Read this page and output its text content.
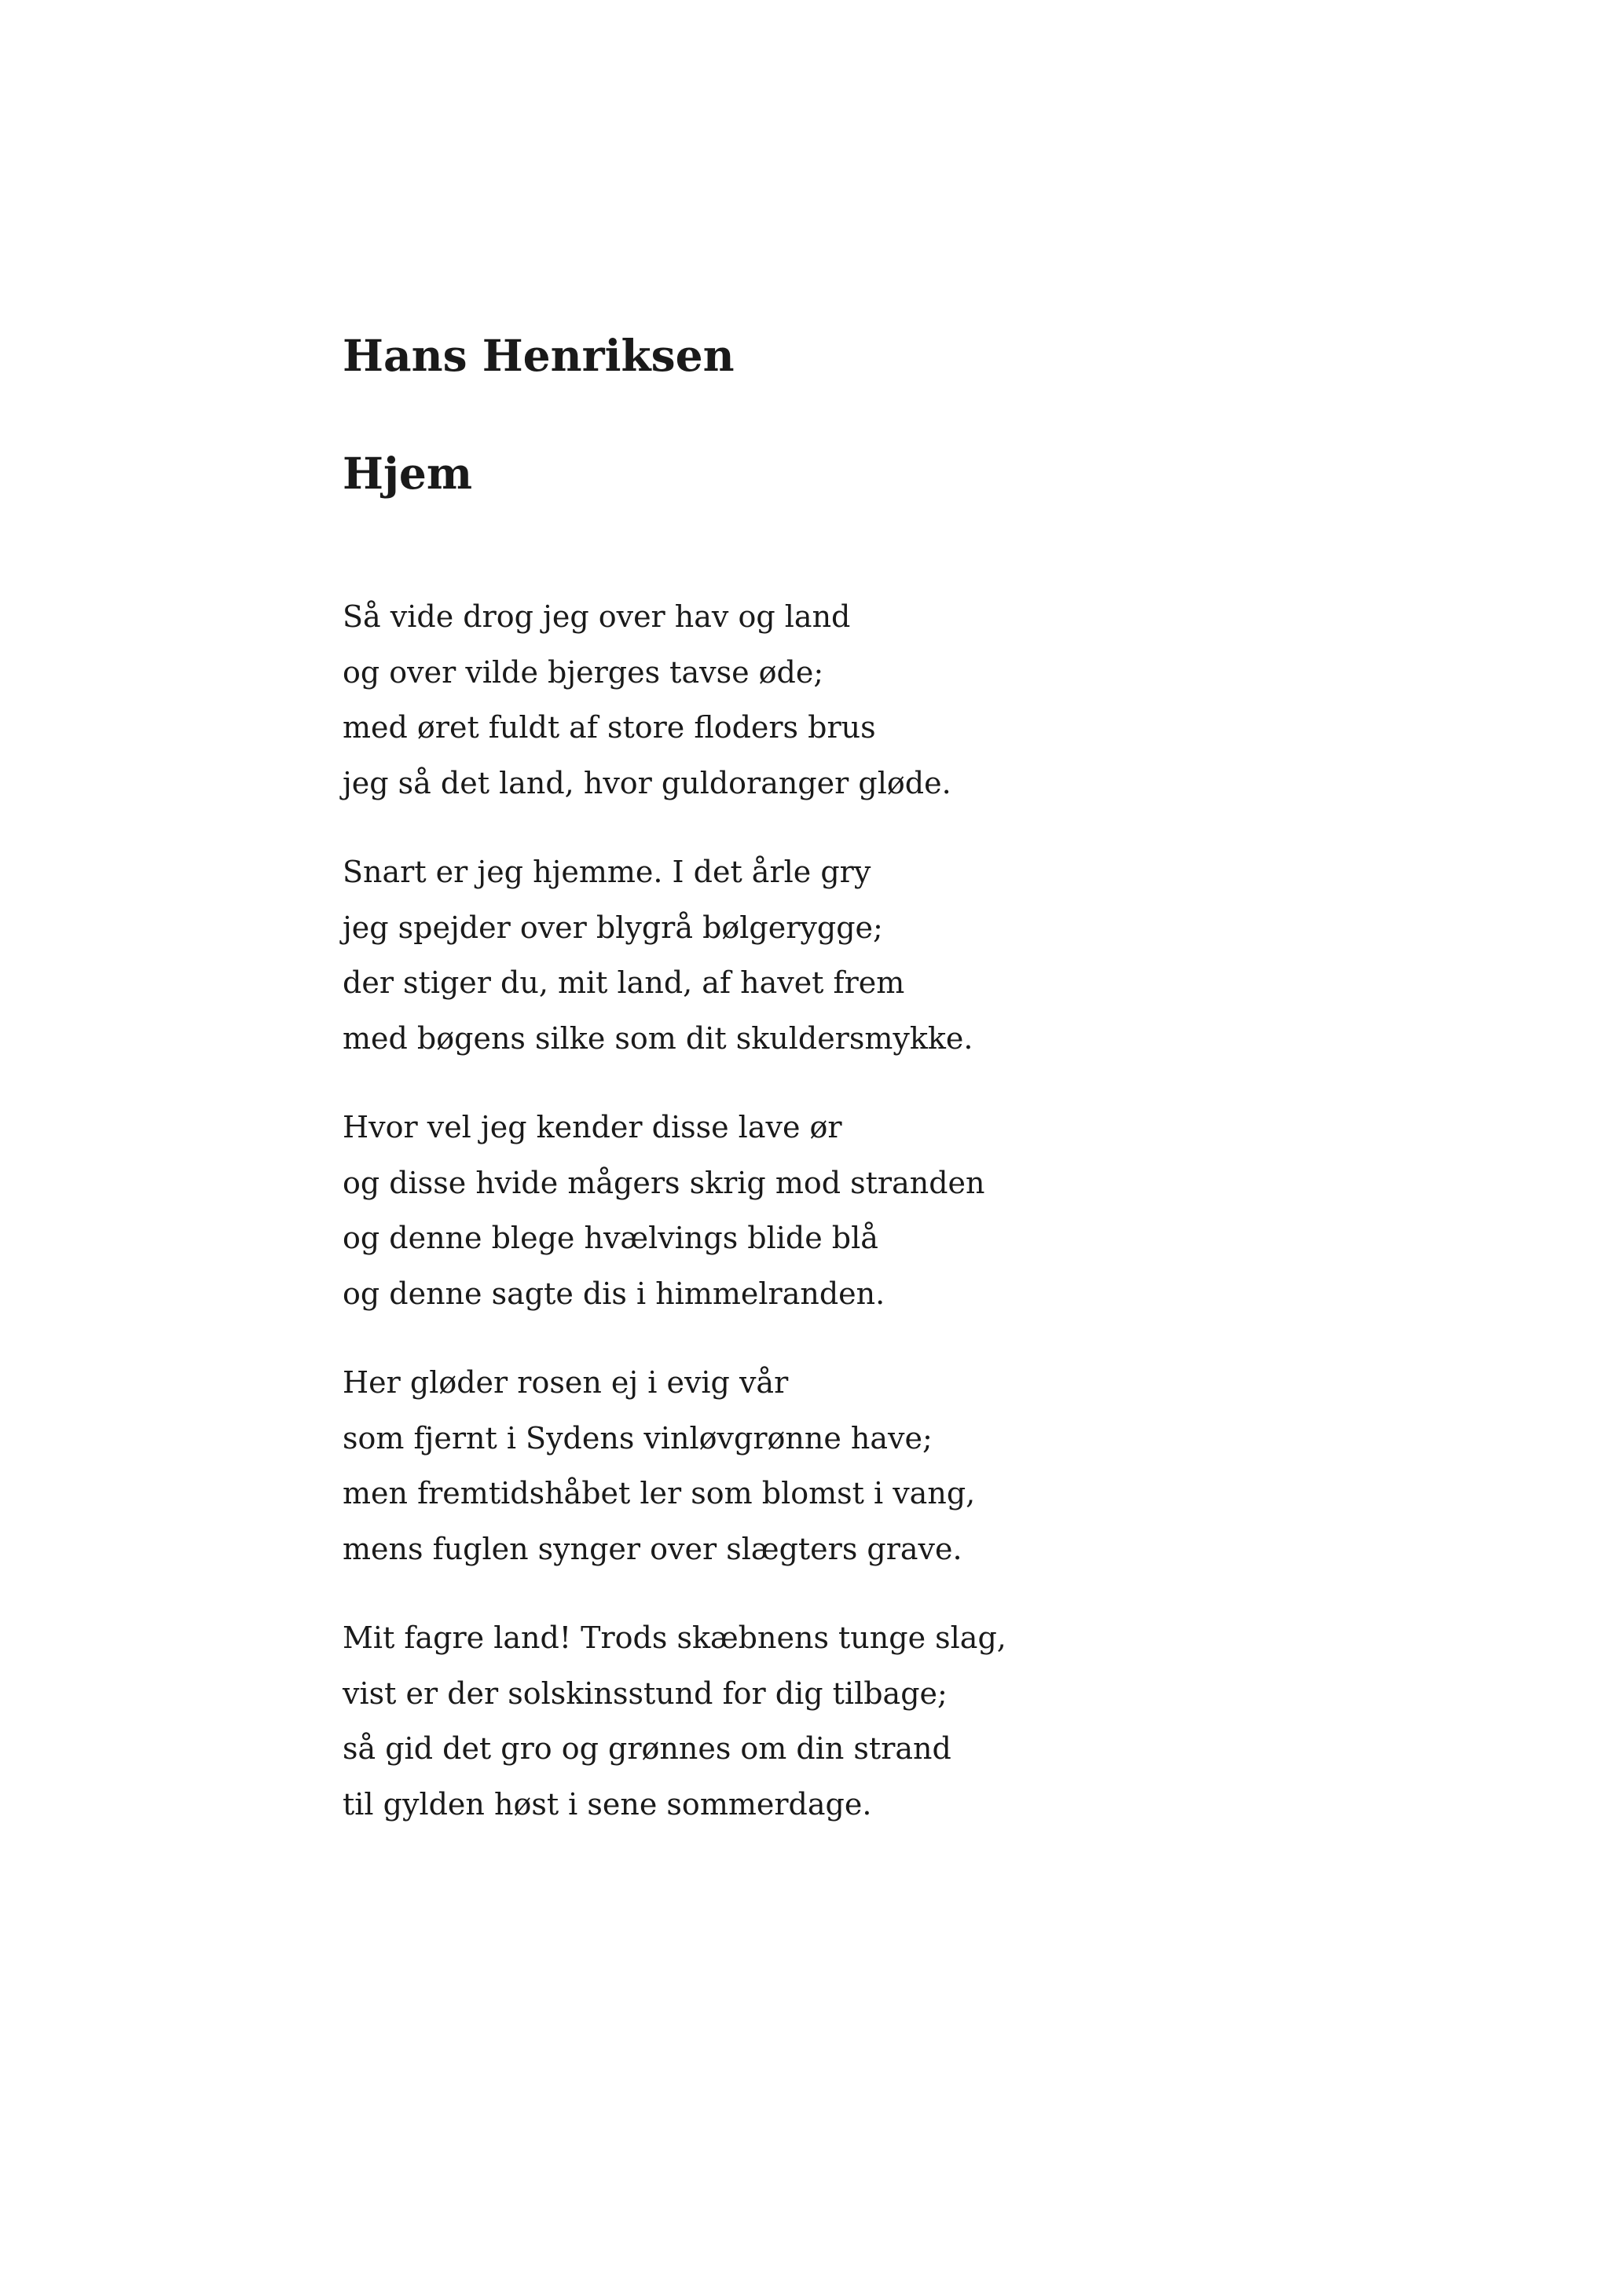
Hans Henriksen
Hjem
Så vide drog jeg over hav og land
og over vilde bjerges tavse øde;
med øret fuldt af store floders brus
jeg så det land, hvor guldoranger gløde.
Snart er jeg hjemme. I det årle gry
jeg spejder over blygrå bølgerygge;
der stiger du, mit land, af havet frem
med bøgens silke som dit skuldersmykke.
Hvor vel jeg kender disse lave ør
og disse hvide mågers skrig mod stranden
og denne blege hvælvings blide blå
og denne sagte dis i himmelranden.
Her gløder rosen ej i evig vår
som fjernt i Sydens vinløvgrønne have;
men fremtidshåbet ler som blomst i vang,
mens fuglen synger over slægters grave.
Mit fagre land! Trods skæbnens tunge slag,
vist er der solskinsstund for dig tilbage;
så gid det gro og grønnes om din strand
til gylden høst i sene sommerdage.
